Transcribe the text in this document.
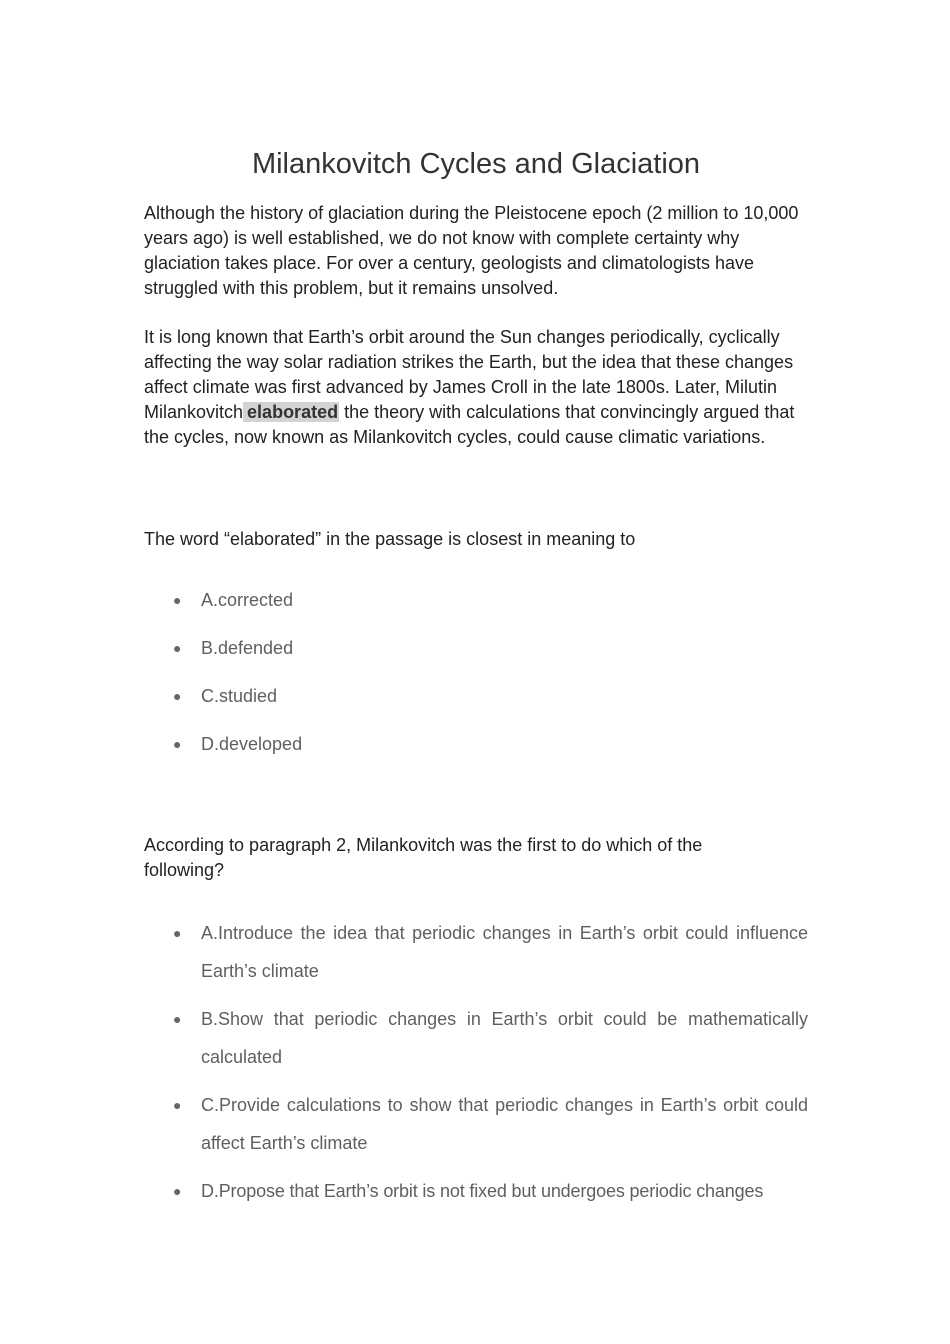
Milankovitch Cycles and Glaciation

Although the history of glaciation during the Pleistocene epoch (2 million to 10,000 years ago) is well established, we do not know with complete certainty why glaciation takes place. For over a century, geologists and climatologists have struggled with this problem, but it remains unsolved.

It is long known that Earth’s orbit around the Sun changes periodically, cyclically affecting the way solar radiation strikes the Earth, but the idea that these changes affect climate was first advanced by James Croll in the late 1800s. Later, Milutin Milankovitch elaborated the theory with calculations that convincingly argued that the cycles, now known as Milankovitch cycles, could cause climatic variations.

The word “elaborated” in the passage is closest in meaning to

● A.corrected
● B.defended
● C.studied
● D.developed

According to paragraph 2, Milankovitch was the first to do which of the following?

● A.Introduce the idea that periodic changes in Earth’s orbit could influence Earth’s climate
● B.Show that periodic changes in Earth’s orbit could be mathematically calculated
● C.Provide calculations to show that periodic changes in Earth’s orbit could affect Earth’s climate
● D.Propose that Earth’s orbit is not fixed but undergoes periodic changes
